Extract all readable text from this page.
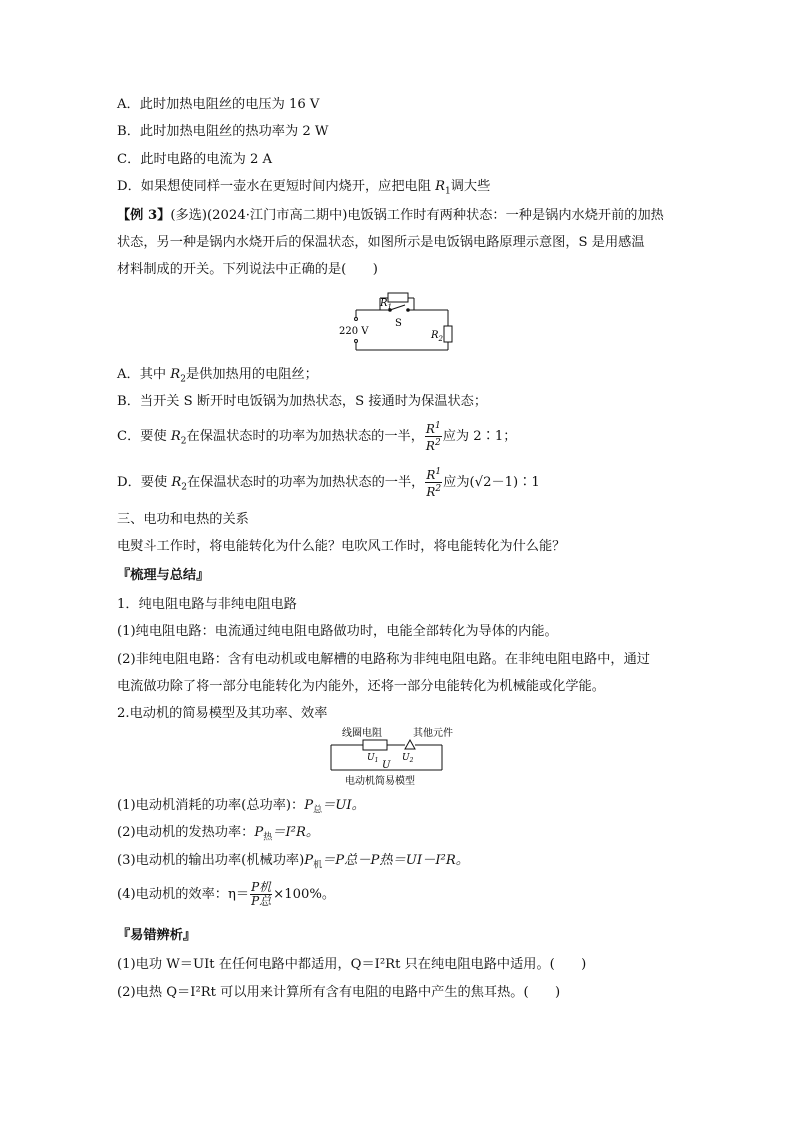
A．此时加热电阻丝的电压为 16 V
B．此时加热电阻丝的热功率为 2 W
C．此时电路的电流为 2 A
D．如果想使同样一壶水在更短时间内烧开，应把电阻 $R_1$调大些
【例 3】(多选)(2024·江门市高二期中)电饭锅工作时有两种状态：一种是锅内水烧开前的加热
状态，另一种是锅内水烧开后的保温状态，如图所示是电饭锅电路原理示意图，S 是用感温
材料制成的开关。下列说法中正确的是(　　)
$R_1$
S
220 V	$R_2$
A．其中 $R_2$是供加热用的电阻丝；
B．当开关 S 断开时电饭锅为加热状态，S 接通时为保温状态；
C．要使 $R_2$在保温状态时的功率为加热状态的一半， $\frac{R^1}{R^2}$ 应为 2∶1；
D．要使 $R_2$在保温状态时的功率为加热状态的一半， $\frac{R^1}{R^2}$ 应为(√2－1)∶1
三、电功和电热的关系
电熨斗工作时，将电能转化为什么能？电吹风工作时，将电能转化为什么能？
『梳理与总结』
1．纯电阻电路与非纯电阻电路
(1)纯电阻电路：电流通过纯电阻电路做功时，电能全部转化为导体的内能。
(2)非纯电阻电路：含有电动机或电解槽的电路称为非纯电阻电路。在非纯电阻电路中，通过
电流做功除了将一部分电能转化为内能外，还将一部分电能转化为机械能或化学能。
2.电动机的简易模型及其功率、效率
线圈电阻	其他元件
$U_1$	$U_2$
U
电动机简易模型
(1)电动机消耗的功率(总功率)：$P_总=UI$。
(2)电动机的发热功率：$P_热=I^2R$。
(3)电动机的输出功率(机械功率)$P_机=P$总－P热＝UI－I²R。
(4)电动机的效率：$\eta= \frac{\text{P机}}{\text{P总}} \times 100\%$。
『易错辨析』
(1)电功 W＝UIt 在任何电路中都适用，Q＝I²Rt 只在纯电阻电路中适用。(　　)
(2)电热 Q＝I²Rt 可以用来计算所有含有电阻的电路中产生的焦耳热。(　　)
